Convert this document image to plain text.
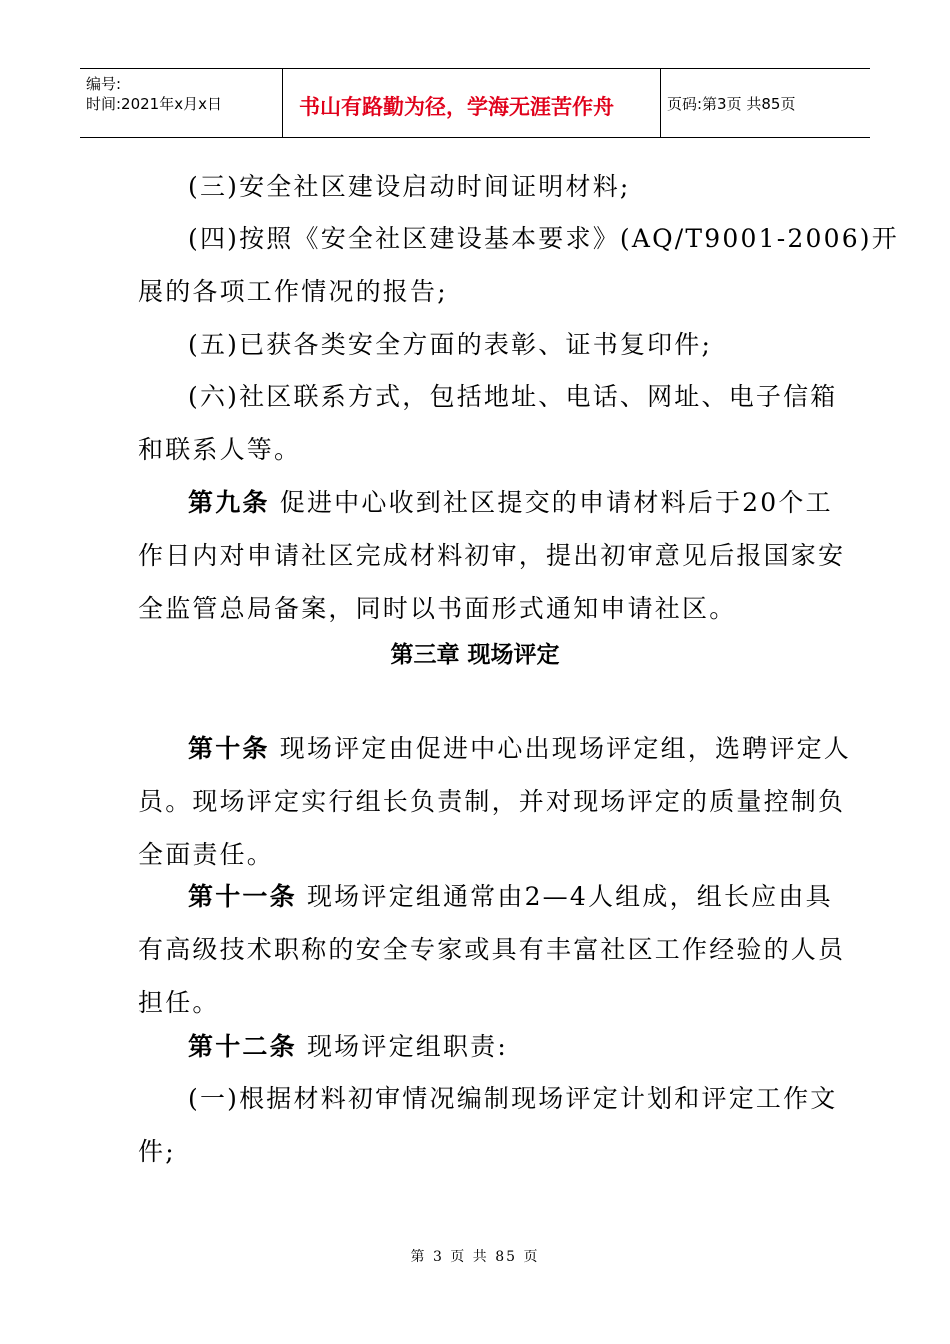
编号:
时间:2021年x月x日	书山有路勤为径，学海无涯苦作舟	页码:第3页 共85页
(三)安全社区建设启动时间证明材料;
(四)按照《安全社区建设基本要求》(AQ/T9001-2006)开
展的各项工作情况的报告;
(五)已获各类安全方面的表彰、证书复印件;
(六)社区联系方式，包括地址、电话、网址、电子信箱
和联系人等。
第九条 促进中心收到社区提交的申请材料后于20个工
作日内对申请社区完成材料初审，提出初审意见后报国家安
全监管总局备案，同时以书面形式通知申请社区。
第三章 现场评定
第十条 现场评定由促进中心出现场评定组，选聘评定人
员。现场评定实行组长负责制，并对现场评定的质量控制负
全面责任。
第十一条 现场评定组通常由2—4人组成，组长应由具
有高级技术职称的安全专家或具有丰富社区工作经验的人员
担任。
第十二条 现场评定组职责:
(一)根据材料初审情况编制现场评定计划和评定工作文
件;
第 3 页 共 85 页
